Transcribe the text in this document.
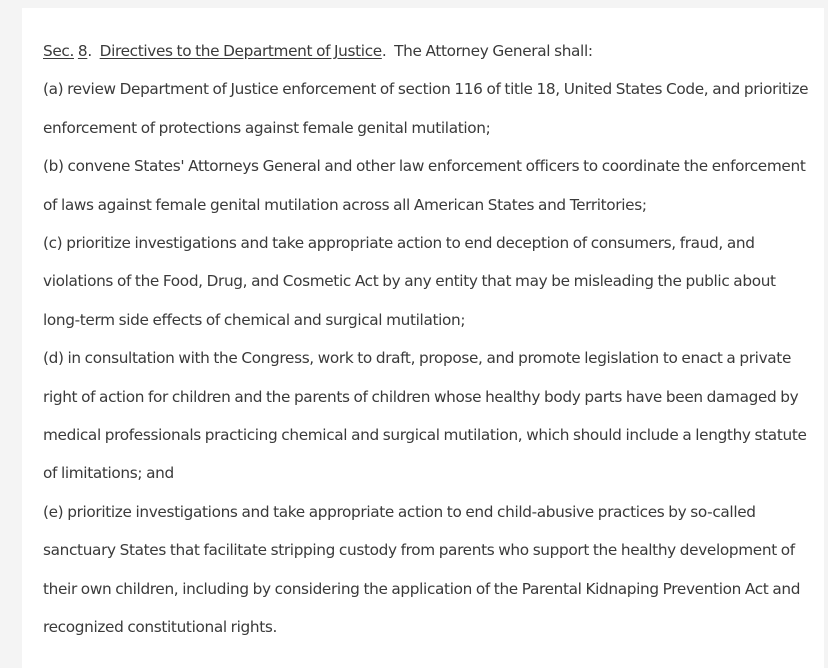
Sec. 8.  Directives to the Department of Justice.  The Attorney General shall:
(a) review Department of Justice enforcement of section 116 of title 18, United States Code, and prioritize
enforcement of protections against female genital mutilation;
(b) convene States' Attorneys General and other law enforcement officers to coordinate the enforcement
of laws against female genital mutilation across all American States and Territories;
(c) prioritize investigations and take appropriate action to end deception of consumers, fraud, and
violations of the Food, Drug, and Cosmetic Act by any entity that may be misleading the public about
long-term side effects of chemical and surgical mutilation;
(d) in consultation with the Congress, work to draft, propose, and promote legislation to enact a private
right of action for children and the parents of children whose healthy body parts have been damaged by
medical professionals practicing chemical and surgical mutilation, which should include a lengthy statute
of limitations; and
(e) prioritize investigations and take appropriate action to end child-abusive practices by so-called
sanctuary States that facilitate stripping custody from parents who support the healthy development of
their own children, including by considering the application of the Parental Kidnaping Prevention Act and
recognized constitutional rights.
